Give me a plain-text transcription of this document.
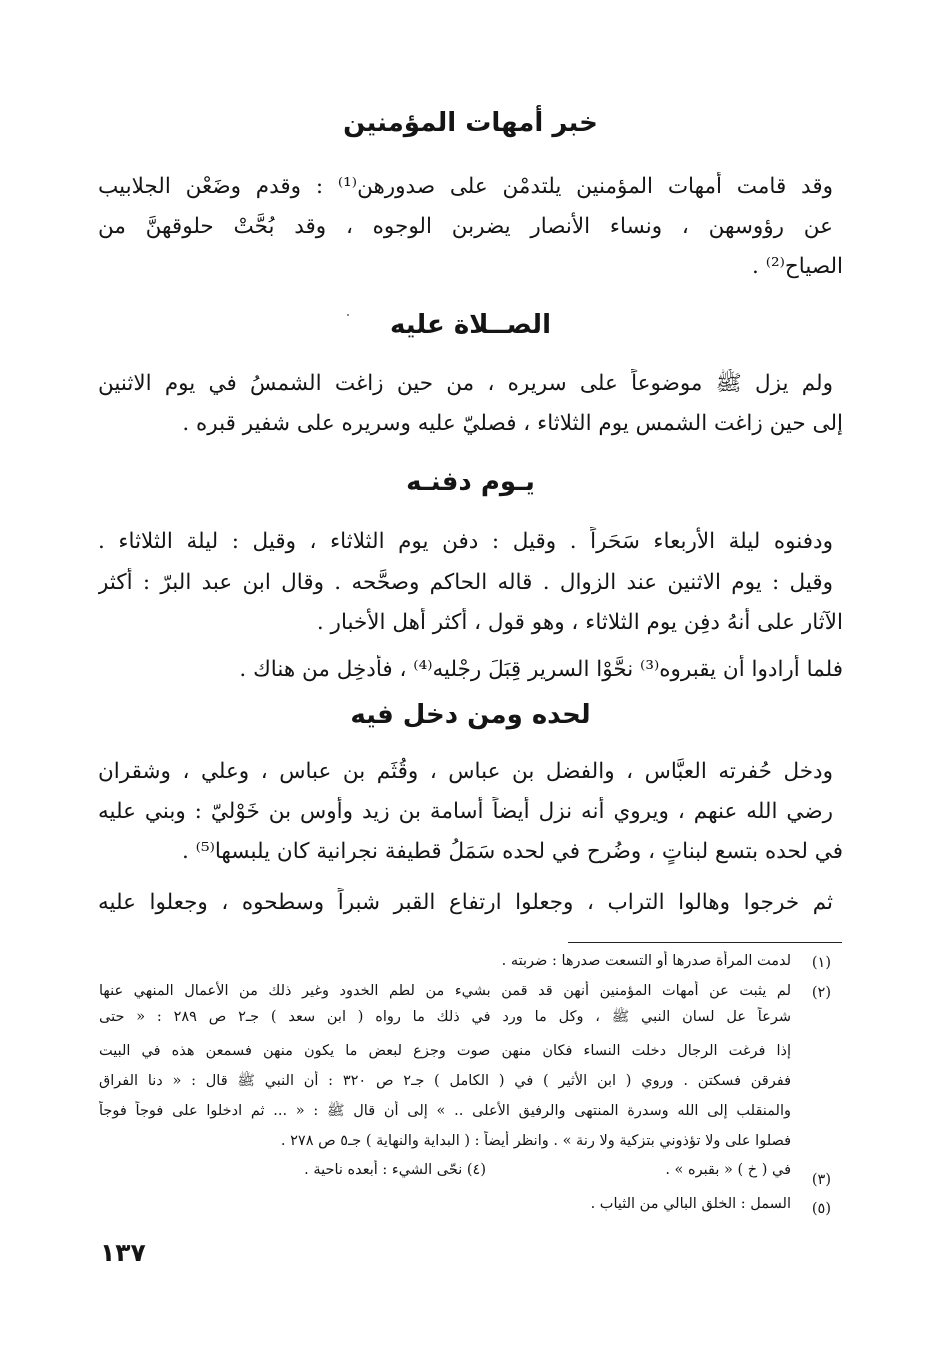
خبر أمهات المؤمنين
وقد قامت أمهات المؤمنين يلتدمْن على صدورهن⁽¹⁾ : وقدم وضَعْن الجلابيب
عن رؤوسهن ، ونساء الأنصار يضربن الوجوه ، وقد بُحَّتْ حلوقهنَّ من
الصياح⁽²⁾ .
الصــلاة عليه
ولم يزل ﷺ موضوعاً على سريره ، من حين زاغت الشمسُ في يوم الاثنين
إلى حين زاغت الشمس يوم الثلاثاء ، فصليّ عليه وسريره على شفير قبره .
يـوم دفنـه
ودفنوه ليلة الأربعاء سَحَراً . وقيل : دفن يوم الثلاثاء ، وقيل : ليلة الثلاثاء .
وقيل : يوم الاثنين عند الزوال . قاله الحاكم وصحَّحه . وقال ابن عبد البرّ : أكثر
الآثار على أنهُ دفِن يوم الثلاثاء ، وهو قول ، أكثر أهل الأخبار .
فلما أرادوا أن يقبروه⁽³⁾ نحَّوْا السرير قِبَلَ رجْليه⁽⁴⁾ ، فأدخِل من هناك .
لحده ومن دخل فيه
ودخل حُفرته العبَّاس ، والفضل بن عباس ، وقُثَم بن عباس ، وعلي ، وشقران
رضي الله عنهم ، ويروي أنه نزل أيضاً أسامة بن زيد وأوس بن خَوْليّ : وبني عليه
في لحده بتسع لبناتٍ ، وضُرح في لحده سَمَلُ قطيفة نجرانية كان يلبسها⁽⁵⁾ .
ثم خرجوا وهالوا التراب ، وجعلوا ارتفاع القبر شبراً وسطحوه ، وجعلوا عليه
(١)
لدمت المرأة صدرها أو التسعت صدرها : ضربته .
(٢)
لم يثبت عن أمهات المؤمنين أنهن قد قمن بشيء من لطم الخدود وغير ذلك من الأعمال المنهي عنها
شرعاً عل لسان النبي ﷺ ، وكل ما ورد في ذلك ما رواه ( ابن سعد ) جـ٢ ص ٢٨٩ : « حتى
إذا فرغت الرجال دخلت النساء فكان منهن صوت وجزع لبعض ما يكون منهن فسمعن هذه في البيت
ففرقن فسكتن . وروي ( ابن الأثير ) في ( الكامل ) جـ٢ ص ٣٢٠ : أن النبي ﷺ قال : « دنا الفراق
والمنقلب إلى الله وسدرة المنتهى والرفيق الأعلى .. » إلى أن قال ﷺ : « ... ثم ادخلوا على فوجاً فوجاً
فصلوا على ولا تؤذوني بتزكية ولا رنة » . وانظر أيضاً : ( البداية والنهاية ) جـ٥ ص ٢٧٨ .
(٣)
في ( خ ) « بقبره » .
(٤) نحّى الشيء : أبعده ناحية .
(٥)
السمل : الخلق البالي من الثياب .
١٣٧
